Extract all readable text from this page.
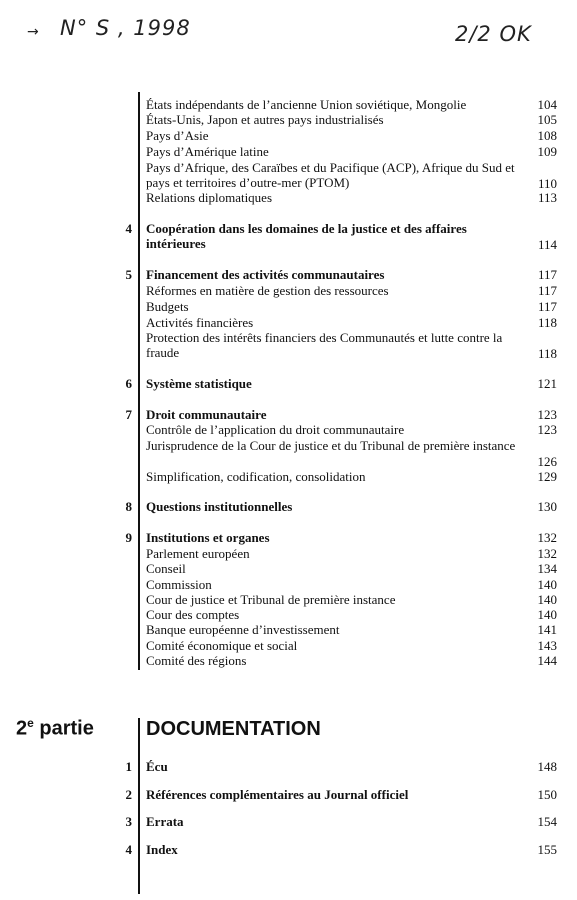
→ N° S , 1998	2/2 OK
États indépendants de l’ancienne Union soviétique, Mongolie	104
États-Unis, Japon et autres pays industrialisés	105
Pays d’Asie	108
Pays d’Amérique latine	109
Pays d’Afrique, des Caraïbes et du Pacifique (ACP), Afrique du Sud et pays et territoires d’outre-mer (PTOM)	110
Relations diplomatiques	113
4 Coopération dans les domaines de la justice et des affaires intérieures	114
5 Financement des activités communautaires	117
Réformes en matière de gestion des ressources	117
Budgets	117
Activités financières	118
Protection des intérêts financiers des Communautés et lutte contre la fraude	118
6 Système statistique	121
7 Droit communautaire	123
Contrôle de l’application du droit communautaire	123
Jurisprudence de la Cour de justice et du Tribunal de première instance
126
Simplification, codification, consolidation	129
8 Questions institutionnelles	130
9 Institutions et organes	132
Parlement européen	132
Conseil	134
Commission	140
Cour de justice et Tribunal de première instance	140
Cour des comptes	140
Banque européenne d’investissement	141
Comité économique et social	143
Comité des régions	144
2e partie	DOCUMENTATION
1 Écu	148
2 Références complémentaires au Journal officiel	150
3 Errata	154
4 Index	155
